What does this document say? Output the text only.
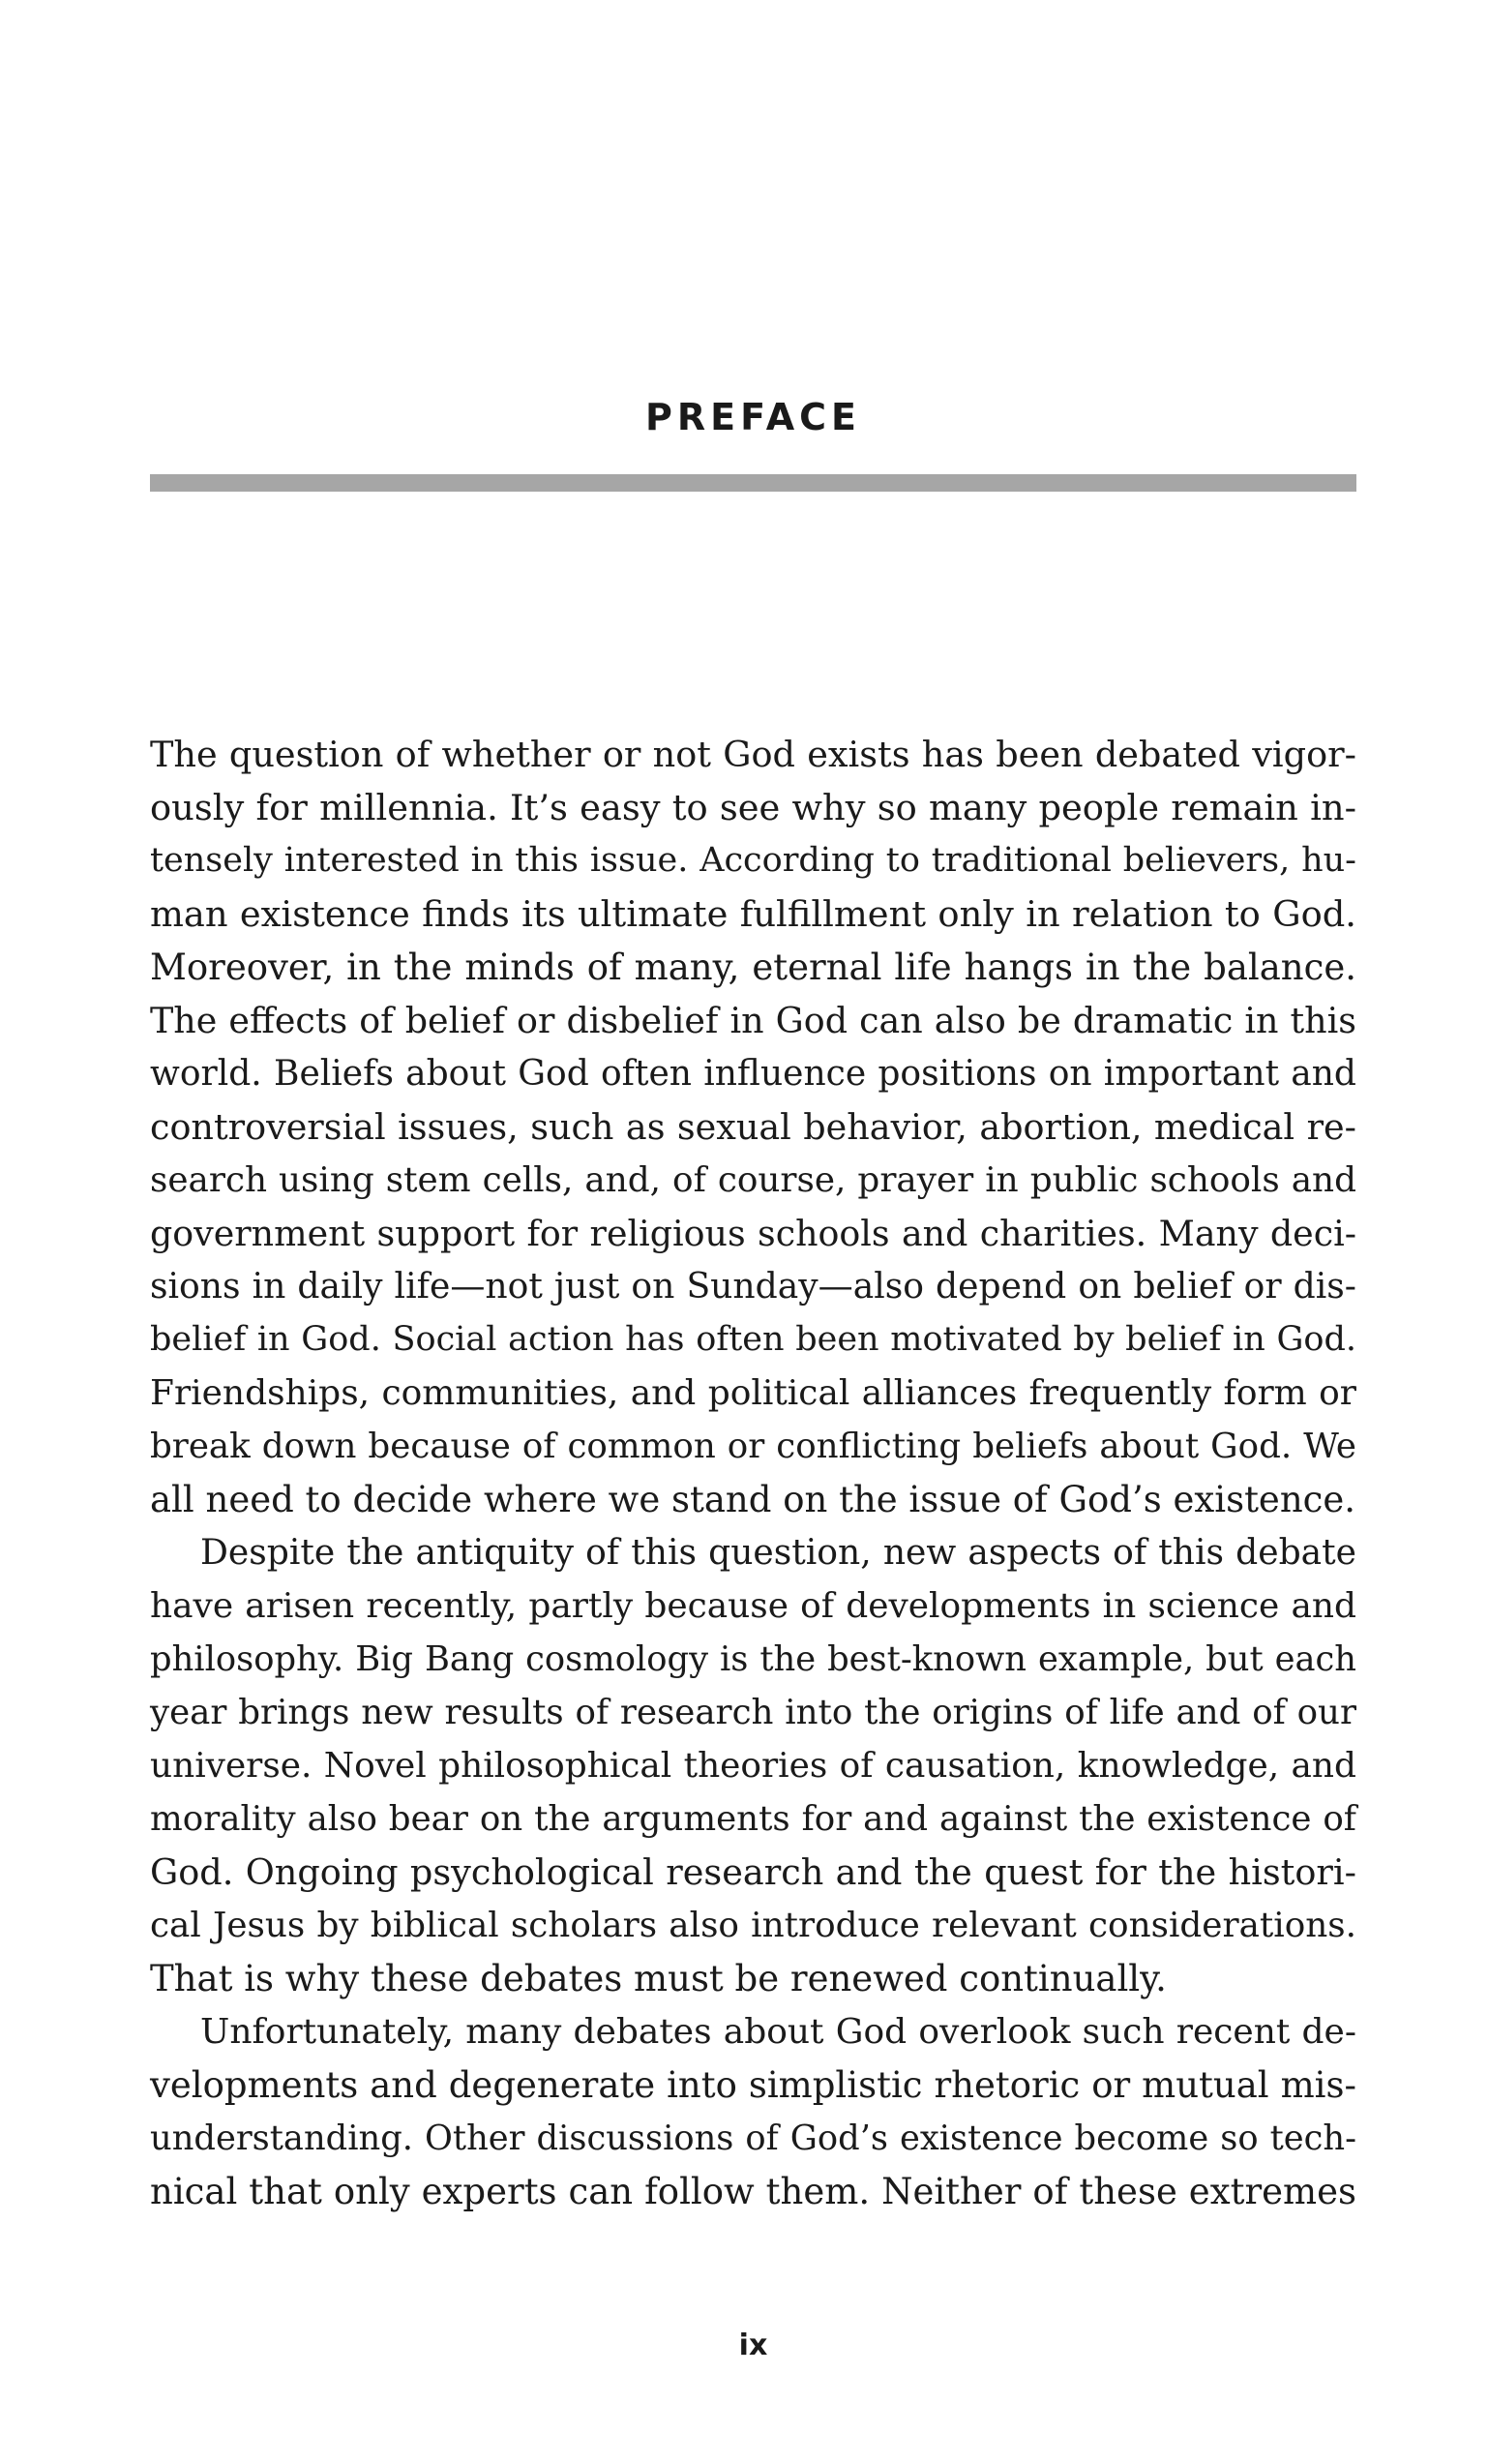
PREFACE
The question of whether or not God exists has been debated vigor-
ously for millennia. It’s easy to see why so many people remain in-
tensely interested in this issue. According to traditional believers, hu-
man existence finds its ultimate fulfillment only in relation to God.
Moreover, in the minds of many, eternal life hangs in the balance.
The effects of belief or disbelief in God can also be dramatic in this
world. Beliefs about God often influence positions on important and
controversial issues, such as sexual behavior, abortion, medical re-
search using stem cells, and, of course, prayer in public schools and
government support for religious schools and charities. Many deci-
sions in daily life—not just on Sunday—also depend on belief or dis-
belief in God. Social action has often been motivated by belief in God.
Friendships, communities, and political alliances frequently form or
break down because of common or conflicting beliefs about God. We
all need to decide where we stand on the issue of God’s existence.
Despite the antiquity of this question, new aspects of this debate
have arisen recently, partly because of developments in science and
philosophy. Big Bang cosmology is the best-known example, but each
year brings new results of research into the origins of life and of our
universe. Novel philosophical theories of causation, knowledge, and
morality also bear on the arguments for and against the existence of
God. Ongoing psychological research and the quest for the histori-
cal Jesus by biblical scholars also introduce relevant considerations.
That is why these debates must be renewed continually.
Unfortunately, many debates about God overlook such recent de-
velopments and degenerate into simplistic rhetoric or mutual mis-
understanding. Other discussions of God’s existence become so tech-
nical that only experts can follow them. Neither of these extremes
ix
